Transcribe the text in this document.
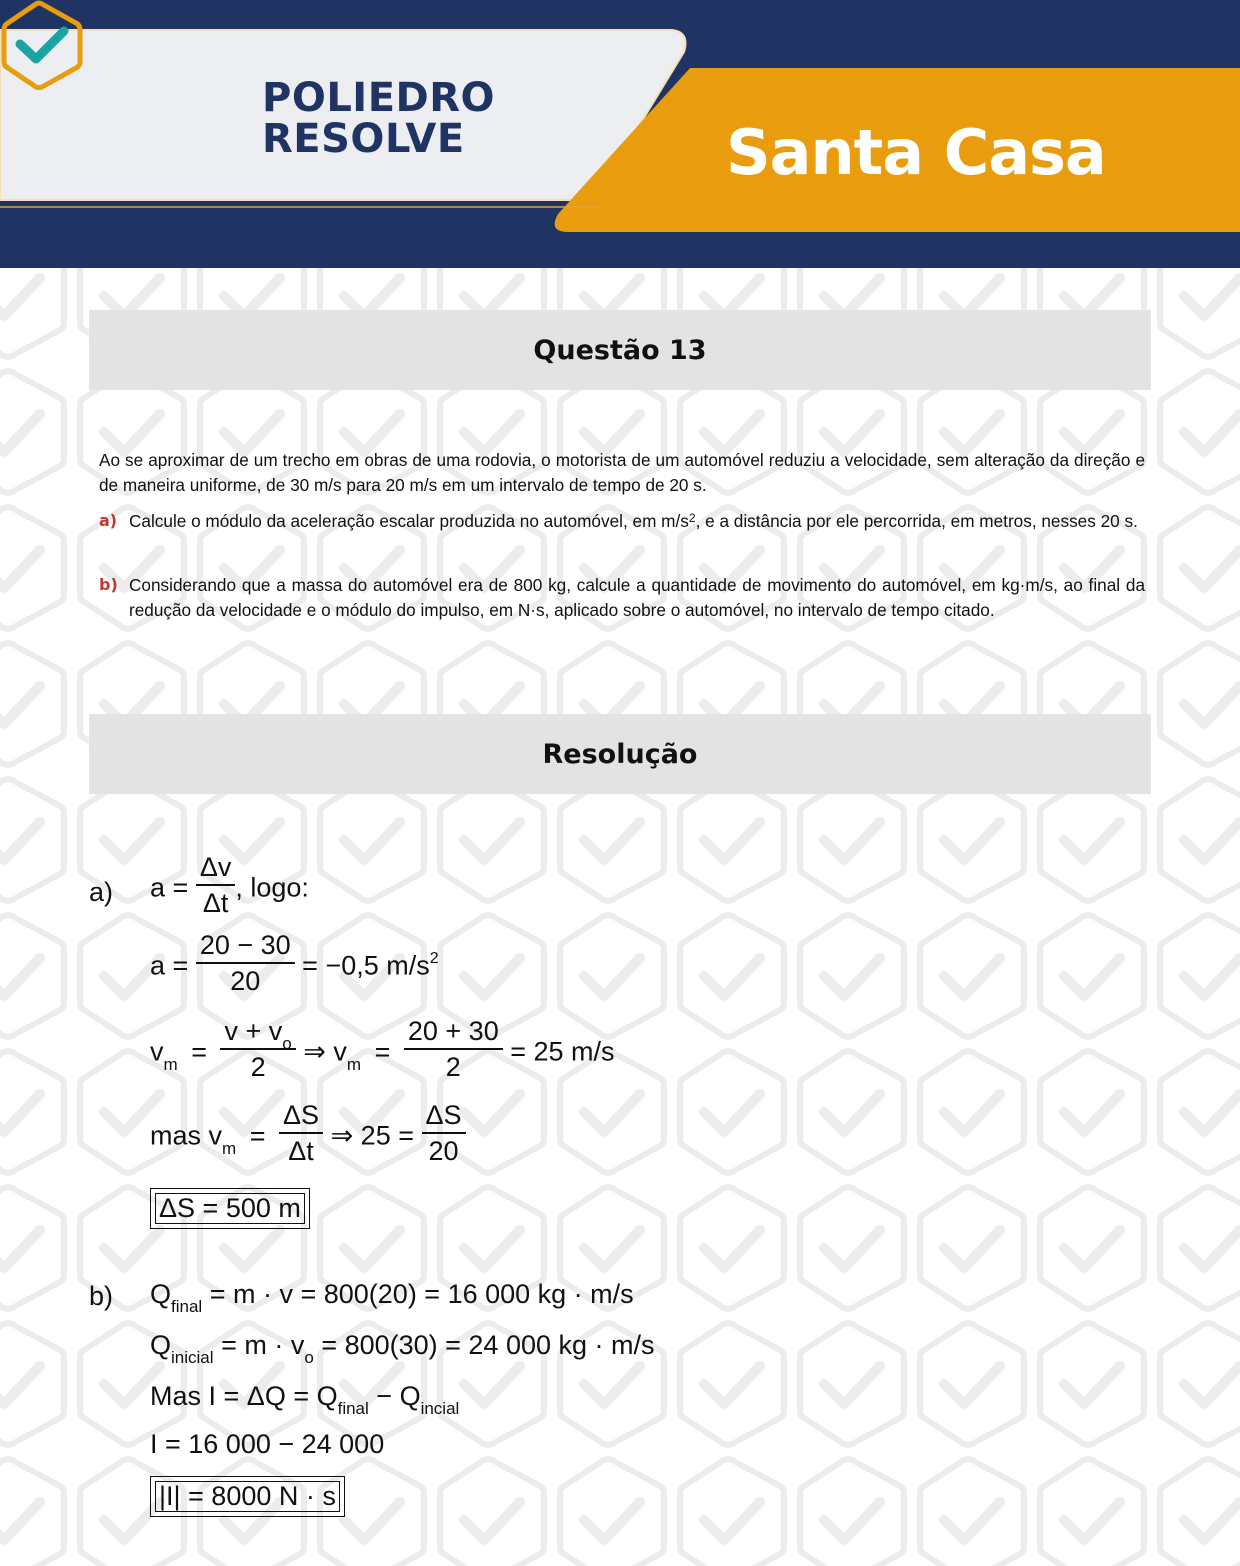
POLIEDRO
RESOLVE	Santa Casa
Questão 13

Ao se aproximar de um trecho em obras de uma rodovia, o motorista de um automóvel reduziu a velocidade, sem alteração da direção e de maneira uniforme, de 30 m/s para 20 m/s em um intervalo de tempo de 20 s.

a) Calcule o módulo da aceleração escalar produzida no automóvel, em $m/s^2$, e a distância por ele percorrida, em metros, nesses 20 s.
b) Considerando que a massa do automóvel era de 800 kg, calcule a quantidade de movimento do automóvel, em kg·m/s, ao final da redução da velocidade e o módulo do impulso, em N·s, aplicado sobre o automóvel, no intervalo de tempo citado.
Resolução
a) $a = \frac{\Delta v}{\Delta t}$ , logo:
$a = \frac{20 - 30}{20} = -0,5$ $m/s^2$
$v_m = \frac{v + v_o}{2}$ ⇒ $v_m = \frac{20 + 30}{2} = 25$ m/s
mas $v_m = \frac{\Delta S}{\Delta t}$ ⇒ $25 = \frac{\Delta S}{20}$
ΔS = 500 m
b) $Q_{final} = m \cdot v = 800(20) = 16$ 000 kg · m/s
$Q_{inicial} = m \cdot v_o = 800(30) = 24$ 000 kg · m/s
Mas $I = \Delta Q = Q_{final} - Q_{incial}$
I = 16 000 − 24 000
|I| = 8000 N · s
